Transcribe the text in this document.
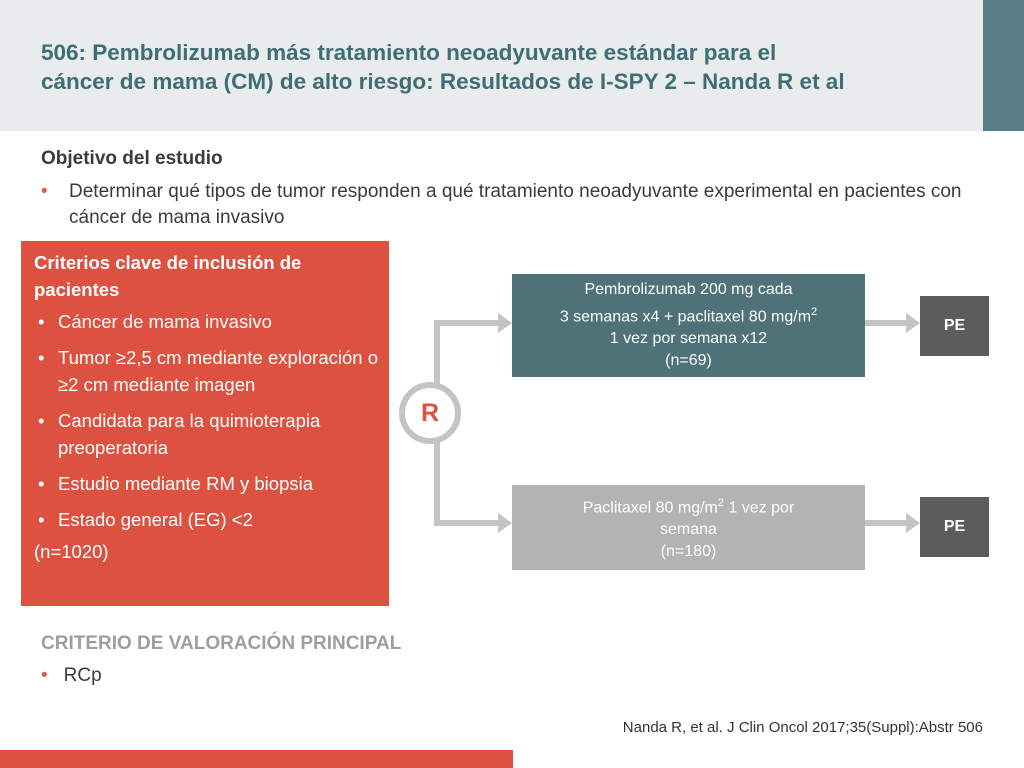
506: Pembrolizumab más tratamiento neoadyuvante estándar para el
cáncer de mama (CM) de alto riesgo: Resultados de I-SPY 2 – Nanda R et al
Objetivo del estudio
• Determinar qué tipos de tumor responden a qué tratamiento neoadyuvante experimental en pacientes con cáncer de mama invasivo
Criterios clave de inclusión de pacientes
• Cáncer de mama invasivo
• Tumor ≥2,5 cm mediante exploración o ≥2 cm mediante imagen
• Candidata para la quimioterapia preoperatoria
• Estudio mediante RM y biopsia
• Estado general (EG) <2
(n=1020)
R
Pembrolizumab 200 mg cada
3 semanas x4 + paclitaxel 80 $mg/m^2$
1 vez por semana x12
(n=69)
Paclitaxel 80 $mg/m^2$ 1 vez por
semana
(n=180)
PE
PE
CRITERIO DE VALORACIÓN PRINCIPAL
• RCp
Nanda R, et al. J Clin Oncol 2017;35(Suppl):Abstr 506
